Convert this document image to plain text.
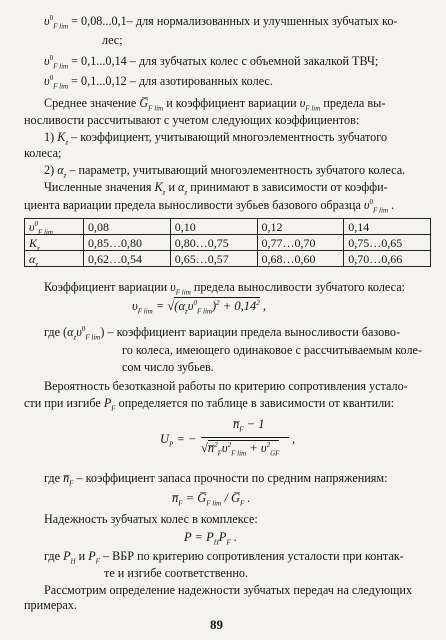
$\upsilon^0_{F lim} = 0,08...0,1-$ для нормализованных и улучшенных зубчатых ко-
лес;
$\upsilon^0_{F lim} = 0,1...0,14$ – для зубчатых колес с объемной закалкой ТВЧ;
$\upsilon^0_{F lim} = 0,1...0,12$ – для азотированных колес.
Среднее значение $G̅_{F lim}$ и коэффициент вариации $\upsilon_{F lim}$ предела вы-
носливости рассчитывают с учетом следующих коэффициентов:
1) $K_z$ – коэффициент, учитывающий многоэлементность зубчатого
колеса;
2) $\alpha_z$ – параметр, учитывающий многоэлементность зубчатого колеса.
Численные значения $K_z$ и $\alpha_z$ принимают в зависимости от коэффи-
циента вариации предела выносливости зубьев базового образца $\upsilon^0_{F lim}$ .
$\upsilon^0_{F lim}$	0,08	0,10	0,12	0,14
$K_z$	0,85…0,80	0,80…0,75	0,77…0,70	0,75…0,65
$\alpha_z$	0,62…0,54	0,65…0,57	0,68…0,60	0,70…0,66
Коэффициент вариации $\upsilon_{F lim}$ предела выносливости зубчатого колеса:
$\upsilon_{F lim} = √(\alpha_z\upsilon^0_{F lim})^2 + 0,14^2$ ,
где $(\alpha_z\upsilon^0_{F lim})$ – коэффициент вариации предела выносливости базово-
го колеса, имеющего одинаковое с рассчитываемым коле-
сом число зубьев.
Вероятность безотказной работы по критерию сопротивления устало-
сти при изгибе $P_F$ определяется по таблице в зависимости от квантили:
$U_P$ = −
$n̅_F - 1$
$√n̅^2_F\upsilon^2_{F lim} + \upsilon^2_{GF}$
,
где $n̅_F$ – коэффициент запаса прочности по средним напряжениям:
$n̅_F$ = $G̅_{F lim}$ / $G̅_F$ .
Надежность зубчатых колес в комплексе:
$P = P_HP_F$ .
где $P_H$ и $P_F$ – ВБР по критерию сопротивления усталости при контак-
те и изгибе соответственно.
Рассмотрим определение надежности зубчатых передач на следующих
примерах.
89
